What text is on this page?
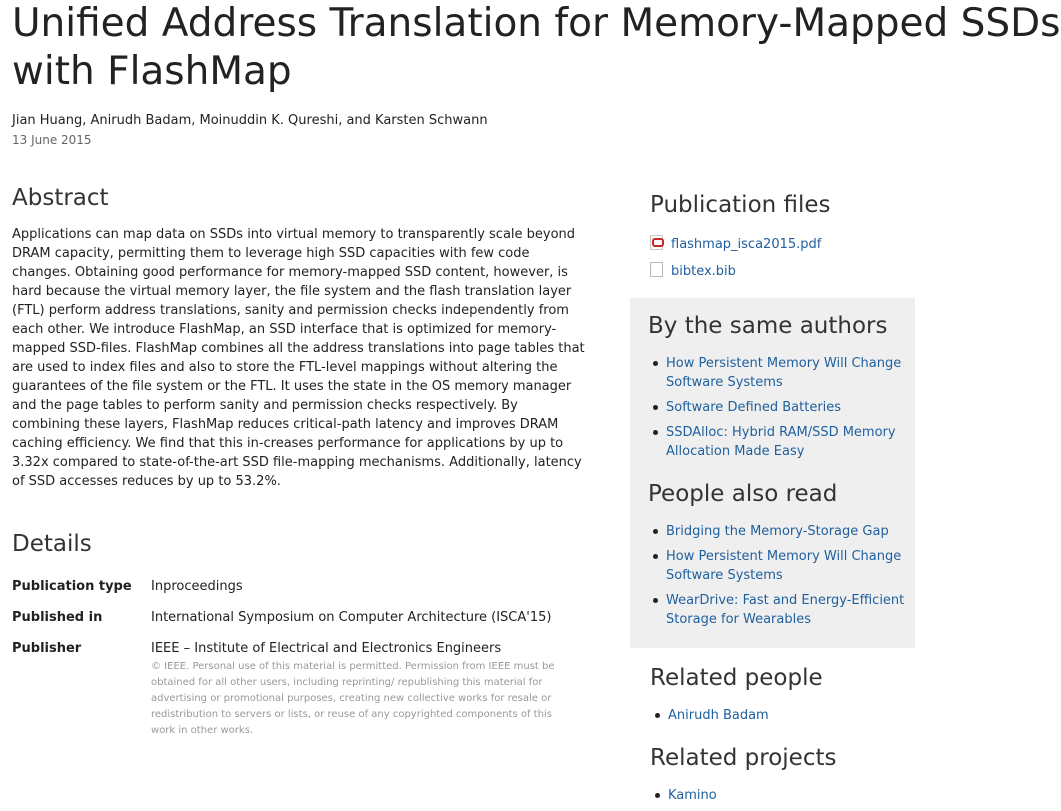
Unified Address Translation for Memory-Mapped SSDs
with FlashMap
Jian Huang, Anirudh Badam, Moinuddin K. Qureshi, and Karsten Schwann
13 June 2015
Abstract

Applications can map data on SSDs into virtual memory to transparently scale beyond DRAM capacity, permitting them to leverage high SSD capacities with few code changes. Obtaining good performance for memory-mapped SSD content, however, is hard because the virtual memory layer, the file system and the flash translation layer (FTL) perform address translations, sanity and permission checks independently from each other. We introduce FlashMap, an SSD interface that is optimized for memory-mapped SSD-files. FlashMap combines all the address translations into page tables that are used to index files and also to store the FTL-level mappings without altering the guarantees of the file system or the FTL. It uses the state in the OS memory manager and the page tables to perform sanity and permission checks respectively. By combining these layers, FlashMap reduces critical-path latency and improves DRAM caching efficiency. We find that this in-creases performance for applications by up to 3.32x compared to state-of-the-art SSD file-mapping mechanisms. Additionally, latency of SSD accesses reduces by up to 53.2%.

Details
Publication type Inproceedings
Published in	International Symposium on Computer Architecture (ISCA'15)
Publisher	IEEE – Institute of Electrical and Electronics Engineers
© IEEE. Personal use of this material is permitted. Permission from IEEE must be obtained for all other users, including reprinting/ republishing this material for advertising or promotional purposes, creating new collective works for resale or redistribution to servers or lists, or reuse of any copyrighted components of this work in other works.
Publication files
flashmap_isca2015.pdf
bibtex.bib
By the same authors
How Persistent Memory Will Change Software Systems
Software Defined Batteries
SSDAlloc: Hybrid RAM/SSD Memory Allocation Made Easy
People also read
Bridging the Memory-Storage Gap
How Persistent Memory Will Change Software Systems
WearDrive: Fast and Energy-Efficient Storage for Wearables
Related people
Anirudh Badam
Related projects
Kamino
